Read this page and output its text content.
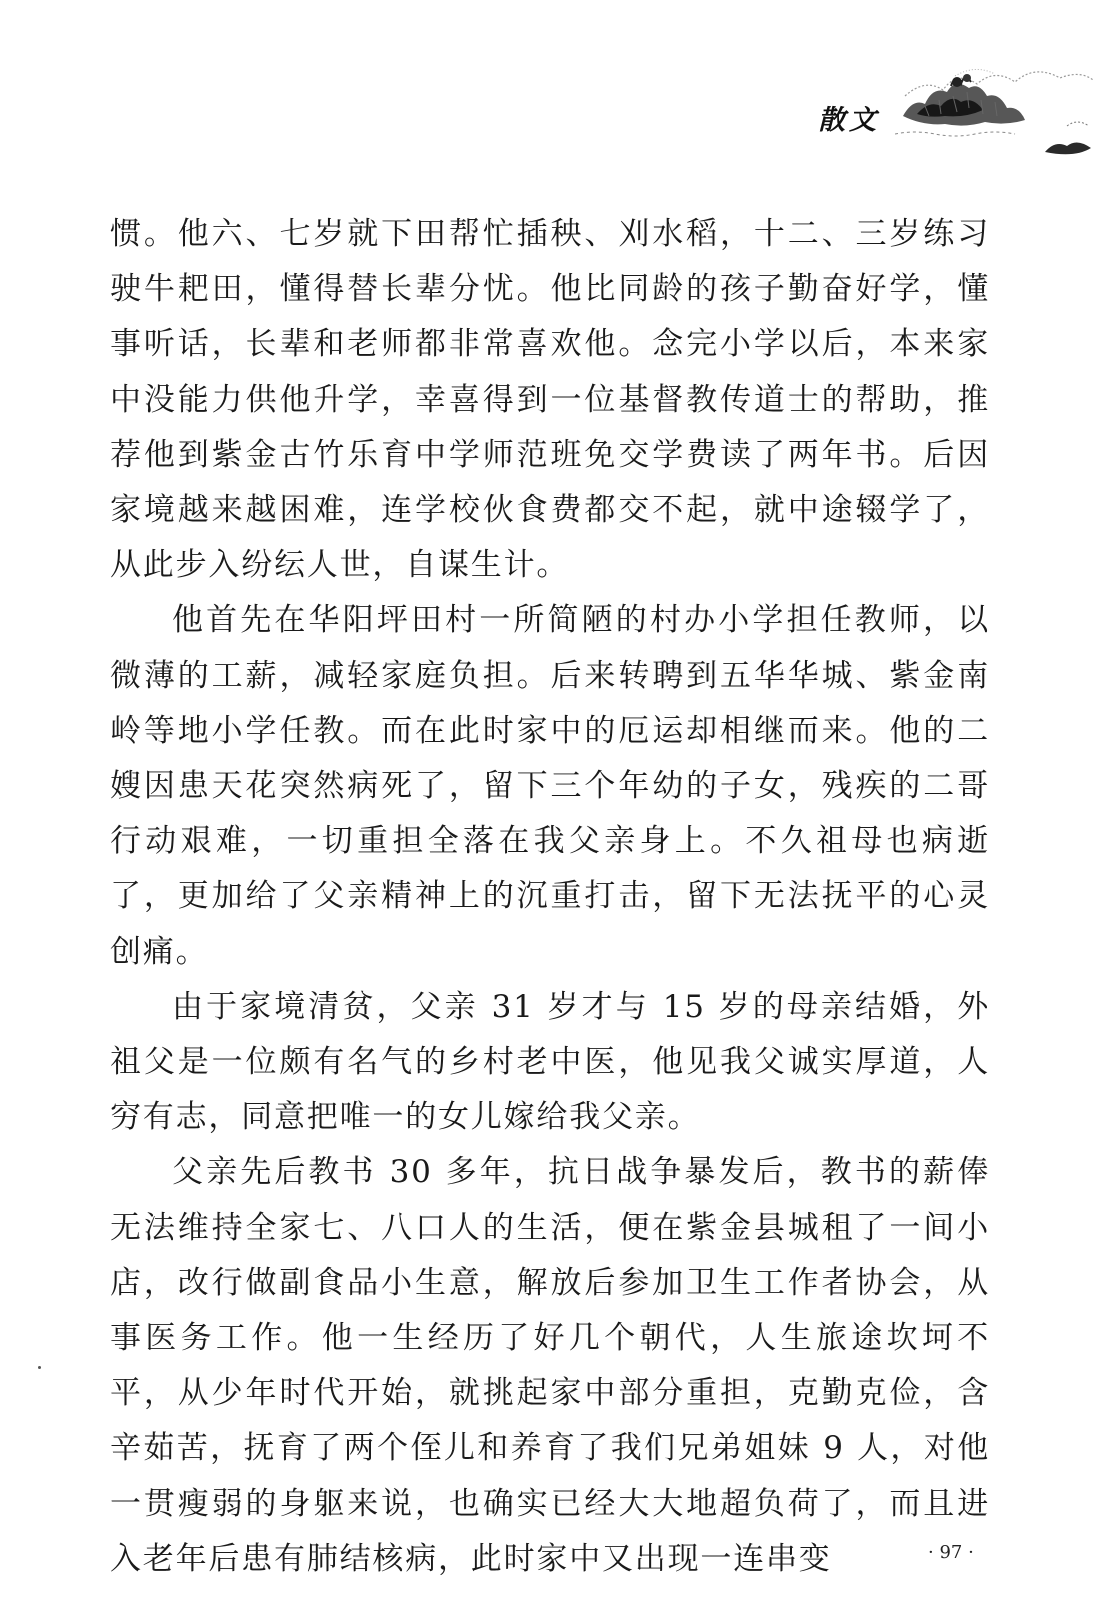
散文

惯。他六、七岁就下田帮忙插秧、刈水稻，十二、三岁练习驶牛耙田，懂得替长辈分忧。他比同龄的孩子勤奋好学，懂事听话，长辈和老师都非常喜欢他。念完小学以后，本来家中没能力供他升学，幸喜得到一位基督教传道士的帮助，推荐他到紫金古竹乐育中学师范班免交学费读了两年书。后因家境越来越困难，连学校伙食费都交不起，就中途辍学了，从此步入纷纭人世，自谋生计。

他首先在华阳坪田村一所简陋的村办小学担任教师，以微薄的工薪，减轻家庭负担。后来转聘到五华华城、紫金南岭等地小学任教。而在此时家中的厄运却相继而来。他的二嫂因患天花突然病死了，留下三个年幼的子女，残疾的二哥行动艰难，一切重担全落在我父亲身上。不久祖母也病逝了，更加给了父亲精神上的沉重打击，留下无法抚平的心灵创痛。

由于家境清贫，父亲 31 岁才与 15 岁的母亲结婚，外祖父是一位颇有名气的乡村老中医，他见我父诚实厚道，人穷有志，同意把唯一的女儿嫁给我父亲。

父亲先后教书 30 多年，抗日战争暴发后，教书的薪俸无法维持全家七、八口人的生活，便在紫金县城租了一间小店，改行做副食品小生意，解放后参加卫生工作者协会，从事医务工作。他一生经历了好几个朝代，人生旅途坎坷不平，从少年时代开始，就挑起家中部分重担，克勤克俭，含辛茹苦，抚育了两个侄儿和养育了我们兄弟姐妹 9 人，对他一贯瘦弱的身躯来说，也确实已经大大地超负荷了，而且进入老年后患有肺结核病，此时家中又出现一连串变	· 97 ·
